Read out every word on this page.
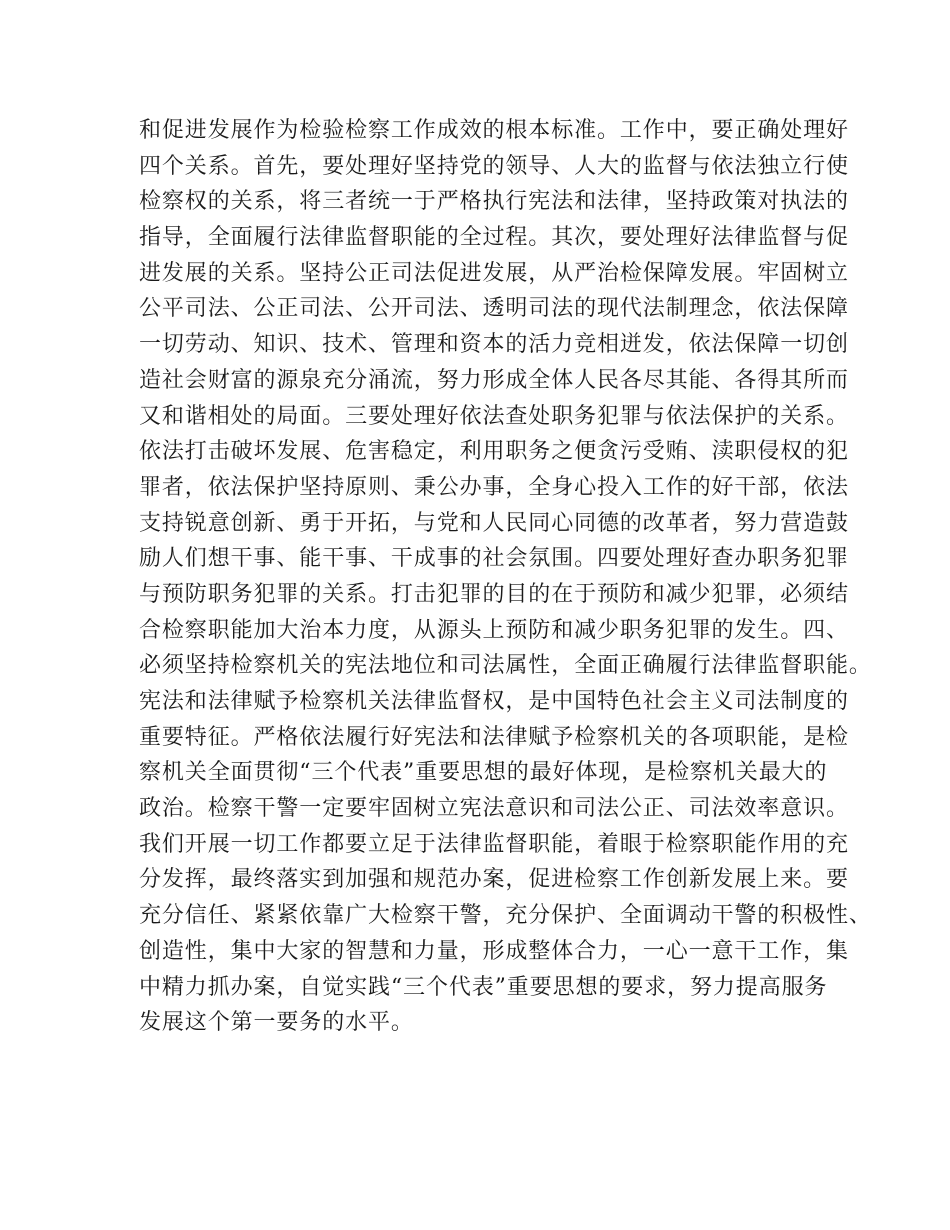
和促进发展作为检验检察工作成效的根本标准。工作中，要正确处理好
四个关系。首先，要处理好坚持党的领导、人大的监督与依法独立行使
检察权的关系，将三者统一于严格执行宪法和法律，坚持政策对执法的
指导，全面履行法律监督职能的全过程。其次，要处理好法律监督与促
进发展的关系。坚持公正司法促进发展，从严治检保障发展。牢固树立
公平司法、公正司法、公开司法、透明司法的现代法制理念，依法保障
一切劳动、知识、技术、管理和资本的活力竞相迸发，依法保障一切创
造社会财富的源泉充分涌流，努力形成全体人民各尽其能、各得其所而
又和谐相处的局面。三要处理好依法查处职务犯罪与依法保护的关系。
依法打击破坏发展、危害稳定，利用职务之便贪污受贿、渎职侵权的犯
罪者，依法保护坚持原则、秉公办事，全身心投入工作的好干部，依法
支持锐意创新、勇于开拓，与党和人民同心同德的改革者，努力营造鼓
励人们想干事、能干事、干成事的社会氛围。四要处理好查办职务犯罪
与预防职务犯罪的关系。打击犯罪的目的在于预防和减少犯罪，必须结
合检察职能加大治本力度，从源头上预防和减少职务犯罪的发生。四、
必须坚持检察机关的宪法地位和司法属性，全面正确履行法律监督职能。
宪法和法律赋予检察机关法律监督权，是中国特色社会主义司法制度的
重要特征。严格依法履行好宪法和法律赋予检察机关的各项职能，是检
察机关全面贯彻“三个代表”重要思想的最好体现，是检察机关最大的
政治。检察干警一定要牢固树立宪法意识和司法公正、司法效率意识。
我们开展一切工作都要立足于法律监督职能，着眼于检察职能作用的充
分发挥，最终落实到加强和规范办案，促进检察工作创新发展上来。要
充分信任、紧紧依靠广大检察干警，充分保护、全面调动干警的积极性、
创造性，集中大家的智慧和力量，形成整体合力，一心一意干工作，集
中精力抓办案，自觉实践“三个代表”重要思想的要求，努力提高服务
发展这个第一要务的水平。
